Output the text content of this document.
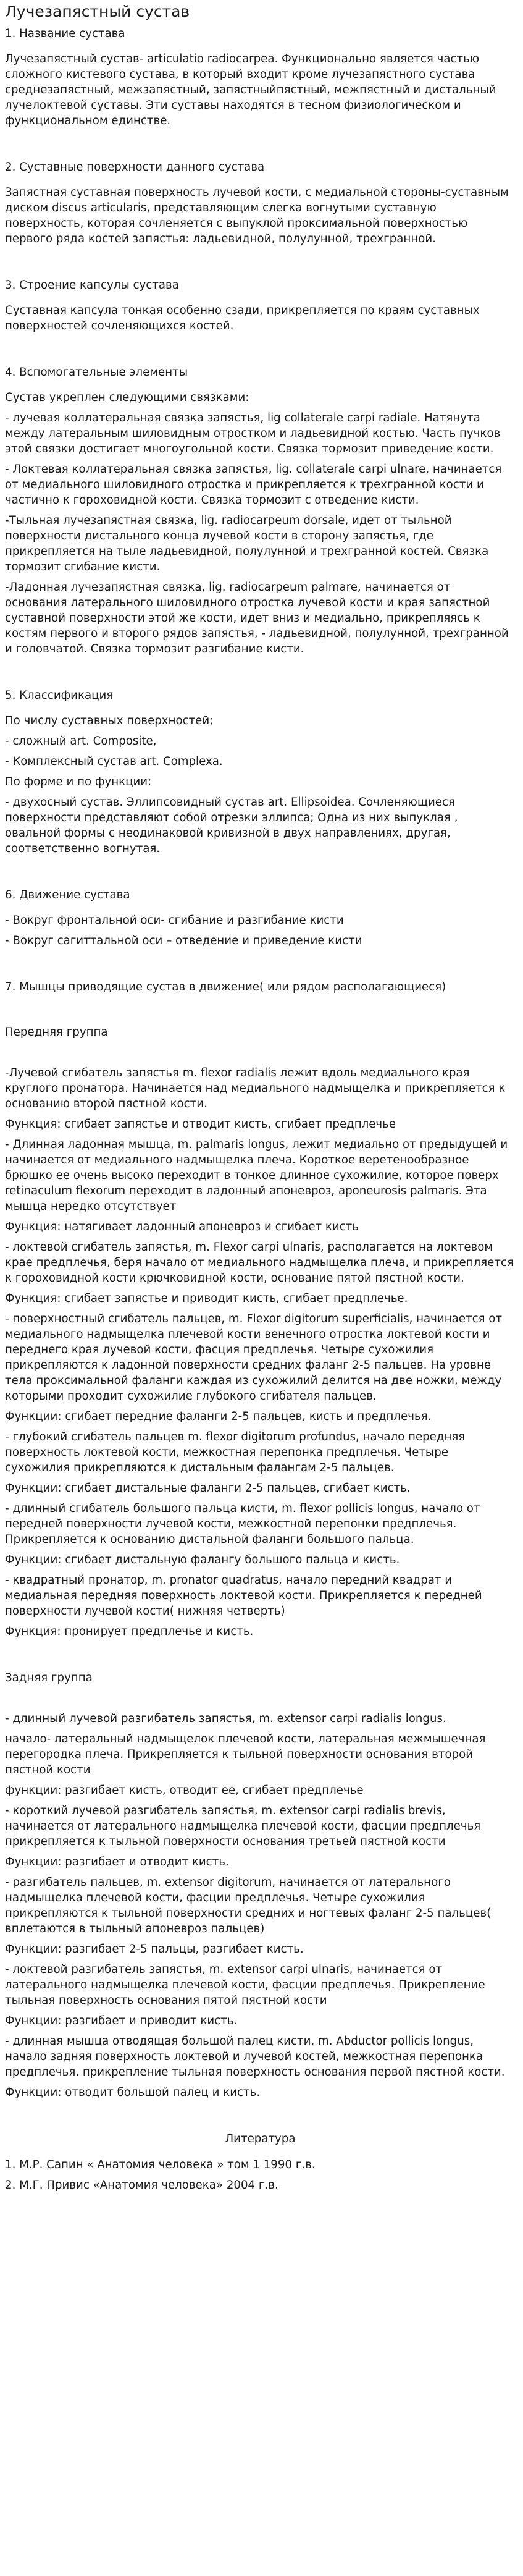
Лучезапястный сустав
1. Название сустава

Лучезапястный сустав- articulatio radiocarpea. Функционально является частью сложного кистевого сустава, в который входит кроме лучезапястного сустава среднезапястный, межзапястный, запястныйпястный, межпястный и дистальный лучелоктевой суставы. Эти суставы находятся в тесном физиологическом и функциональном единстве.

2. Суставные поверхности данного сустава

Запястная суставная поверхность лучевой кости, с медиальной стороны-суставным диском discus articularis, представляющим слегка вогнутыми суставную поверхность, которая сочленяется с выпуклой проксимальной поверхностью первого ряда костей запястья: ладьевидной, полулунной, трехгранной.

3. Строение капсулы сустава

Суставная капсула тонкая особенно сзади, прикрепляется по краям суставных поверхностей сочленяющихся костей.

4. Вспомогательные элементы

Сустав укреплен следующими связками:

- лучевая коллатеральная связка запястья, lig collaterale carpi radiale. Натянута между латеральным шиловидным отростком и ладьевидной костью. Часть пучков этой связки достигает многоугольной кости. Связка тормозит приведение кости.

- Локтевая коллатеральная связка запястья, lig. collaterale carpi ulnare, начинается от медиального шиловидного отростка и прикрепляется к трехгранной кости и частично к гороховидной кости. Связка тормозит с отведение кисти.

-Тыльная лучезапястная связка, lig. radiocarpeum dorsale, идет от тыльной поверхности дистального конца лучевой кости в сторону запястья, где прикрепляется на тыле ладьевидной, полулунной и трехгранной костей. Связка тормозит сгибание кисти.

-Ладонная лучезапястная связка, lig. radiocarpeum palmare, начинается от основания латерального шиловидного отростка лучевой кости и края запястной суставной поверхности этой же кости, идет вниз и медиально, прикрепляясь к костям первого и второго рядов запястья, - ладьевидной, полулунной, трехгранной и головчатой. Связка тормозит разгибание кисти.

5. Классификация

По числу суставных поверхностей;

- сложный art. Composite,

- Комплексный сустав art. Complexa.

По форме и по функции:

- двухосный сустав. Эллипсовидный сустав art. Ellipsoidea. Сочленяющиеся поверхности представляют собой отрезки эллипса; Одна из них выпуклая , овальной формы с неодинаковой кривизной в двух направлениях, другая, соответственно вогнутая.

6. Движение сустава

- Вокруг фронтальной оси- сгибание и разгибание кисти

- Вокруг сагиттальной оси – отведение и приведение кисти

7. Мышцы приводящие сустав в движение( или рядом располагающиеся)
Передняя группа

-Лучевой сгибатель запястья m. flexor radialis лежит вдоль медиального края круглого пронатора. Начинается над медиального надмыщелка и прикрепляется к основанию второй пястной кости.

Функция: сгибает запястье и отводит кисть, сгибает предплечье

- Длинная ладонная мышца, m. palmaris longus, лежит медиально от предыдущей и начинается от медиального надмыщелка плеча. Короткое веретенообразное брюшко ее очень высоко переходит в тонкое длинное сухожилие, которое поверх retinaculum flexorum переходит в ладонный апоневроз, aponeurosis palmaris. Эта мышца нередко отсутствует

Функция: натягивает ладонный апоневроз и сгибает кисть

- локтевой сгибатель запястья, m. Flexor carpi ulnaris, располагается на локтевом крае предплечья, беря начало от медиального надмыщелка плеча, и прикрепляется к гороховидной кости крючковидной кости, основание пятой пястной кости.

Функция: сгибает запястье и приводит кисть, сгибает предплечье.

- поверхностный сгибатель пальцев, m. Flexor digitorum superficialis, начинается от медиального надмыщелка плечевой кости венечного отростка локтевой кости и переднего края лучевой кости, фасция предплечья. Четыре сухожилия прикрепляются к ладонной поверхности средних фаланг 2-5 пальцев. На уровне тела проксимальной фаланги каждая из сухожилий делится на две ножки, между которыми проходит сухожилие глубокого сгибателя пальцев.

Функции: сгибает передние фаланги 2-5 пальцев, кисть и предплечья.

- глубокий сгибатель пальцев m. flexor digitorum profundus, начало передняя поверхность локтевой кости, межкостная перепонка предплечья. Четыре сухожилия прикрепляются к дистальным фалангам 2-5 пальцев.

Функции: сгибает дистальные фаланги 2-5 пальцев, сгибает кисть.

- длинный сгибатель большого пальца кисти, m. flexor pollicis longus, начало от передней поверхности лучевой кости, межкостной перепонки предплечья. Прикрепляется к основанию дистальной фаланги большого пальца.

Функции: сгибает дистальную фалангу большого пальца и кисть.

- квадратный пронатор, m. pronator quadratus, начало передний квадрат и медиальная передняя поверхность локтевой кости. Прикрепляется к передней поверхности лучевой кости( нижняя четверть)

Функция: пронирует предплечье и кисть.

Задняя группа

- длинный лучевой разгибатель запястья, m. extensor carpi radialis longus.

начало- латеральный надмыщелок плечевой кости, латеральная межмышечная перегородка плеча. Прикрепляется к тыльной поверхности основания второй пястной кости

функции: разгибает кисть, отводит ее, сгибает предплечье

- короткий лучевой разгибатель запястья, m. extensor carpi radialis brevis, начинается от латерального надмыщелка плечевой кости, фасции предплечья прикрепляется к тыльной поверхности основания третьей пястной кости

Функции: разгибает и отводит кисть.

- разгибатель пальцев, m. extensor digitorum, начинается от латерального надмыщелка плечевой кости, фасции предплечья. Четыре сухожилия прикрепляются к тыльной поверхности средних и ногтевых фаланг 2-5 пальцев( вплетаются в тыльный апоневроз пальцев)

Функции: разгибает 2-5 пальцы, разгибает кисть.

- локтевой разгибатель запястья, m. extensor carpi ulnaris, начинается от латерального надмыщелка плечевой кости, фасции предплечья. Прикрепление тыльная поверхность основания пятой пястной кости

Функции: разгибает и приводит кисть.

- длинная мышца отводящая большой палец кисти, m. Abductor pollicis longus, начало задняя поверхность локтевой и лучевой костей, межкостная перепонка предплечья. прикрепление тыльная поверхность основания первой пястной кости.

Функции: отводит большой палец и кисть.

Литература

1. М.Р. Сапин « Анатомия человека » том 1 1990 г.в.

2. М.Г. Привис «Анатомия человека» 2004 г.в.
